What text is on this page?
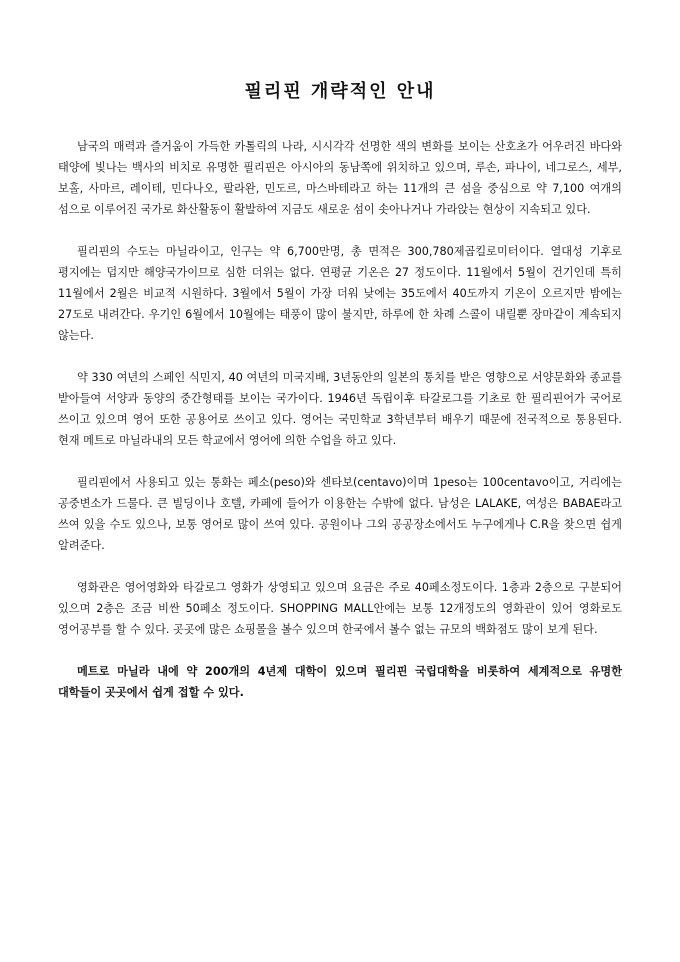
필리핀 개략적인 안내

남국의 매력과 즐거움이 가득한 카톨릭의 나라, 시시각각 선명한 색의 변화를 보이는 산호초가 어우러진 바다와 태양에 빛나는 백사의 비치로 유명한 필리핀은 아시아의 동남쪽에 위치하고 있으며, 루손, 파나이, 네그로스, 세부, 보홀, 사마르, 레이테, 민다나오, 팔라완, 민도르, 마스바테라고 하는 11개의 큰 섬을 중심으로 약 7,100 여개의 섬으로 이루어진 국가로 화산활동이 활발하여 지금도 새로운 섬이 솟아나거나 가라앉는 현상이 지속되고 있다.

필리핀의 수도는 마닐라이고, 인구는 약 6,700만명, 총 면적은 300,780제곱킬로미터이다. 열대성 기후로 평지에는 덥지만 해양국가이므로 심한 더위는 없다. 연평균 기온은 27 정도이다. 11월에서 5월이 건기인데 특히 11월에서 2월은 비교적 시원하다. 3월에서 5월이 가장 더워 낮에는 35도에서 40도까지 기온이 오르지만 밤에는 27도로 내려간다. 우기인 6월에서 10월에는 태풍이 많이 불지만, 하루에 한 차례 스콜이 내릴뿐 장마같이 계속되지 않는다.

약 330 여년의 스페인 식민지, 40 여년의 미국지배, 3년동안의 일본의 통치를 받은 영향으로 서양문화와 종교를 받아들여 서양과 동양의 중간형태를 보이는 국가이다. 1946년 독립이후 타갈로그를 기초로 한 필리핀어가 국어로 쓰이고 있으며 영어 또한 공용어로 쓰이고 있다. 영어는 국민학교 3학년부터 배우기 때문에 전국적으로 통용된다. 현재 메트로 마닐라내의 모든 학교에서 영어에 의한 수업을 하고 있다.

필리핀에서 사용되고 있는 통화는 페소(peso)와 센타보(centavo)이며 1peso는 100centavo이고, 거리에는 공중변소가 드물다. 큰 빌딩이나 호텔, 카페에 들어가 이용한는 수밖에 없다. 남성은 LALAKE, 여성은 BABAE라고 쓰여 있을 수도 있으나, 보통 영어로 많이 쓰여 있다. 공원이나 그외 공공장소에서도 누구에게나 C.R을 찾으면 쉽게 알려준다.

영화관은 영어영화와 타갈로그 영화가 상영되고 있으며 요금은 주로 40페소정도이다. 1층과 2층으로 구분되어 있으며 2층은 조금 비싼 50페소 정도이다. SHOPPING MALL안에는 보통 12개정도의 영화관이 있어 영화로도 영어공부를 할 수 있다. 곳곳에 많은 쇼핑몰을 볼수 있으며 한국에서 볼수 없는 규모의 백화점도 많이 보게 된다.

메트로 마닐라 내에 약 200개의 4년제 대학이 있으며 필리핀 국립대학을 비롯하여 세계적으로 유명한 대학들이 곳곳에서 쉽게 접할 수 있다.
